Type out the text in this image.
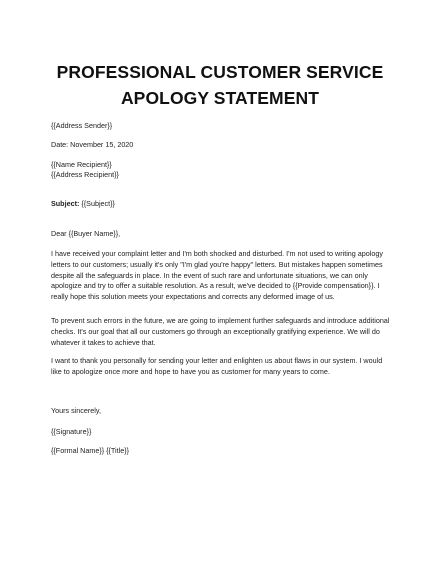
PROFESSIONAL CUSTOMER SERVICE
APOLOGY STATEMENT

{{Address Sender}}

Date: November 15, 2020

{{Name Recipient}}

{{Address Recipient}}

Subject: {{Subject}}

Dear {{Buyer Name}},

I have received your complaint letter and I'm both shocked and disturbed. I'm not used to writing apology letters to our customers; usually it's only "I'm glad you're happy" letters. But mistakes happen sometimes despite all the safeguards in place. In the event of such rare and unfortunate situations, we can only apologize and try to offer a suitable resolution. As a result, we've decided to {{Provide compensation}}. I really hope this solution meets your expectations and corrects any deformed image of us.

To prevent such errors in the future, we are going to implement further safeguards and introduce additional checks. It's our goal that all our customers go through an exceptionally gratifying experience. We will do whatever it takes to achieve that.

I want to thank you personally for sending your letter and enlighten us about flaws in our system. I would like to apologize once more and hope to have you as customer for many years to come.

Yours sincerely,

{{Signature}}

{{Formal Name}} {{Title}}
